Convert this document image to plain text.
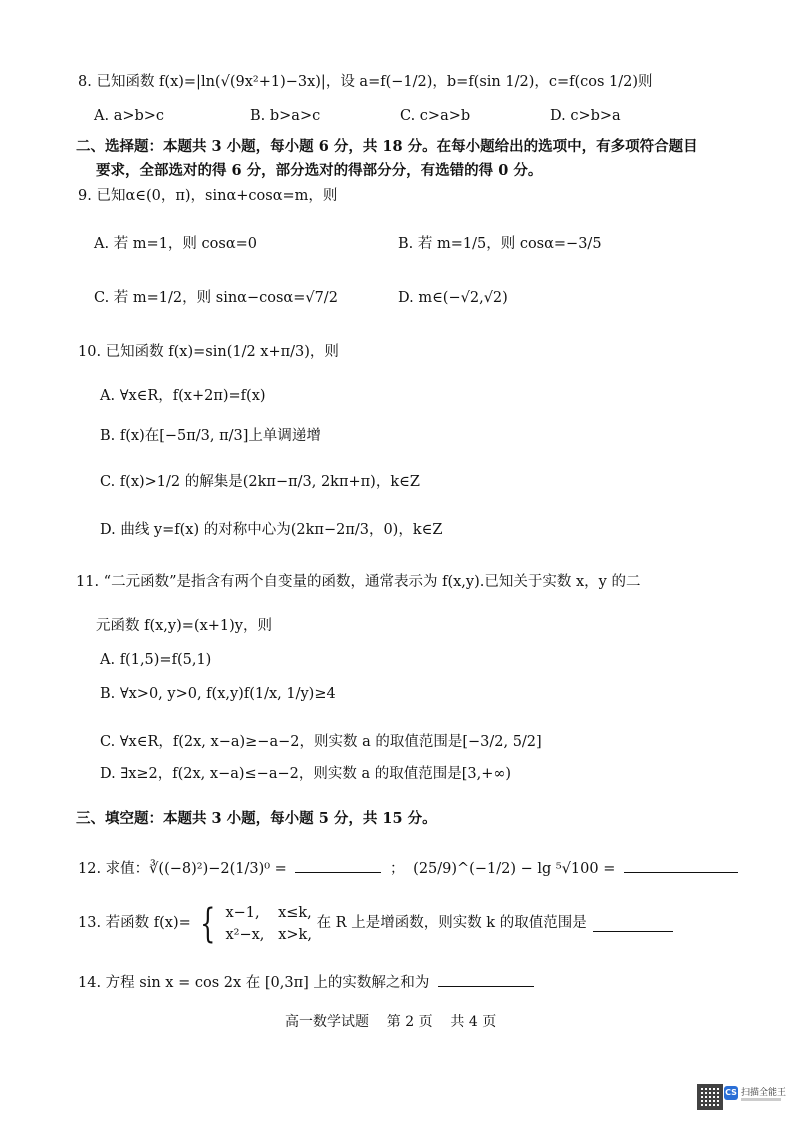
8. 已知函数 f(x)=|ln(√(9x²+1)−3x)|，设 a=f(−1/2)，b=f(sin 1/2)，c=f(cos 1/2)则
A. a>b>c	B. b>a>c	C. c>a>b	D. c>b>a
二、选择题：本题共 3 小题，每小题 6 分，共 18 分。在每小题给出的选项中，有多项符合题目
要求，全部选对的得 6 分，部分选对的得部分分，有选错的得 0 分。
9. 已知α∈(0，π)，sinα+cosα=m，则
A. 若 m=1，则 cosα=0	B. 若 m=1/5，则 cosα=−3/5
C. 若 m=1/2，则 sinα−cosα=√7/2	D. m∈(−√2,√2)
10. 已知函数 f(x)=sin(1/2 x+π/3)，则
A. ∀x∈R，f(x+2π)=f(x)
B. f(x)在[−5π/3, π/3]上单调递增
C. f(x)>1/2 的解集是(2kπ−π/3, 2kπ+π)，k∈Z
D. 曲线 y=f(x) 的对称中心为(2kπ−2π/3，0)，k∈Z
11. “二元函数”是指含有两个自变量的函数，通常表示为 f(x,y).已知关于实数 x，y 的二
元函数 f(x,y)=(x+1)y，则
A. f(1,5)=f(5,1)
B. ∀x>0, y>0, f(x,y)f(1/x, 1/y)≥4
C. ∀x∈R，f(2x, x−a)≥−a−2，则实数 a 的取值范围是[−3/2, 5/2]
D. ∃x≥2，f(2x, x−a)≤−a−2，则实数 a 的取值范围是[3,+∞)
三、填空题：本题共 3 小题，每小题 5 分，共 15 分。
12. 求值：∛((−8)²)−2(1/3)⁰ =	； (25/9)^(−1/2) − lg ⁵√100 =
13. 若函数 f(x)= { x−1,    x≤k,
x²−x,   x>k,
在 R 上是增函数，则实数 k 的取值范围是
14. 方程 sin x = cos 2x 在 [0,3π] 上的实数解之和为
高一数学试题    第 2 页    共 4 页
CS 扫描全能王
